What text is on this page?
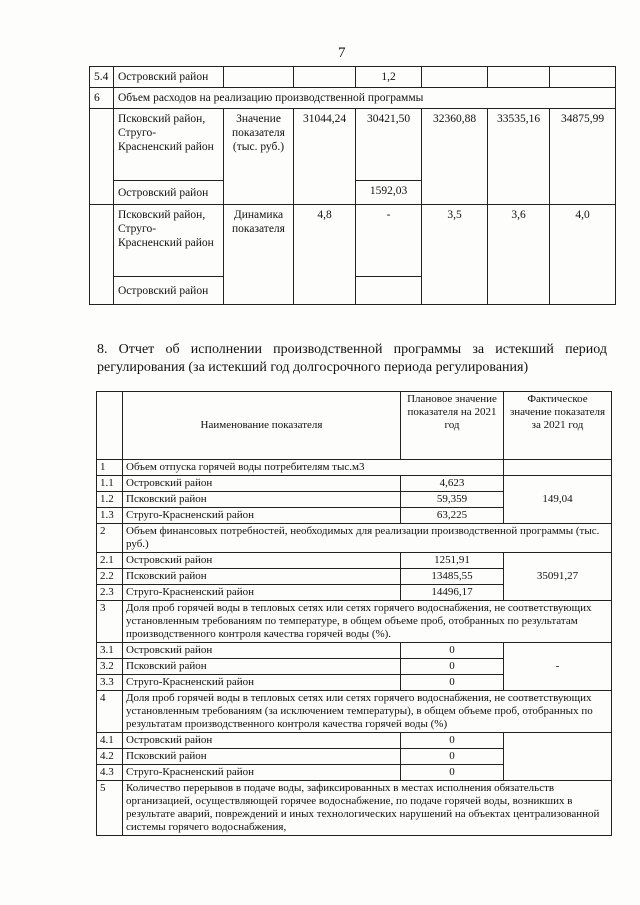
7
5.4	Островский район			1,2			
6	Объем расходов на реализацию производственной программы						
	Псковский район, Струго-Красненский район	Значение показателя (тыс. руб.)	31044,24	30421,50	32360,88	33535,16	34875,99
	Островский район			1592,03			
	Псковский район, Струго-Красненский район	Динамика показателя	4,8	-	3,5	3,6	4,0
	Островский район						
8. Отчет об исполнении производственной программы за истекший период регулирования (за истекший год долгосрочного периода регулирования)
	Наименование показателя	Плановое значение показателя на 2021 год	Фактическое значение показателя за 2021 год
1	Объем отпуска горячей воды потребителям тыс.м3		
1.1	Островский район	4,623	149,04
1.2	Псковский район	59,359	
1.3	Струго-Красненский район	63,225	
2	Объем финансовых потребностей, необходимых для реализации производственной программы (тыс. руб.)		
2.1	Островский район	1251,91	35091,27
2.2	Псковский район	13485,55	
2.3	Струго-Красненский район	14496,17	
3	Доля проб горячей воды в тепловых сетях или сетях горячего водоснабжения, не соответствующих установленным требованиям по температуре, в общем объеме проб, отобранных по результатам производственного контроля качества горячей воды (%).		
3.1	Островский район	0	-
3.2	Псковский район	0	
3.3	Струго-Красненский район	0	
4	Доля проб горячей воды в тепловых сетях или сетях горячего водоснабжения, не соответствующих установленным требованиям (за исключением температуры), в общем объеме проб, отобранных по результатам производственного контроля качества горячей воды (%)		
4.1	Островский район	0	
4.2	Псковский район	0	
4.3	Струго-Красненский район	0	
5	Количество перерывов в подаче воды, зафиксированных в местах исполнения обязательств организацией, осуществляющей горячее водоснабжение, по подаче горячей воды, возникших в результате аварий, повреждений и иных технологических нарушений на объектах централизованной системы горячего водоснабжения,		
